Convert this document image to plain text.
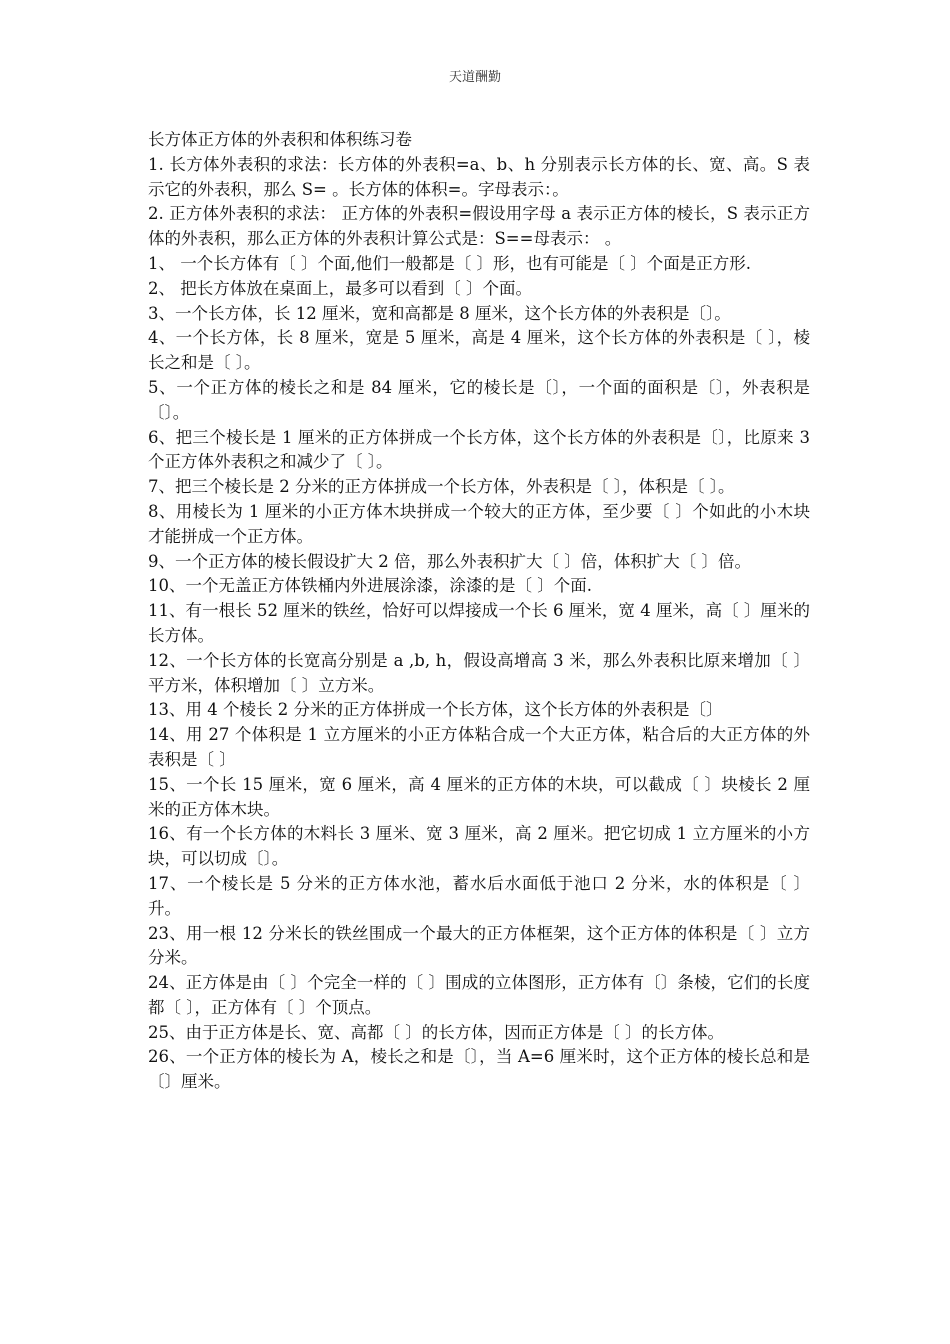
天道酬勤

长方体正方体的外表积和体积练习卷

1. 长方体外表积的求法：长方体的外表积=a、b、h 分别表示长方体的长、宽、高。S 表示它的外表积，那么 S= 。长方体的体积=。字母表示：。

2. 正方体外表积的求法： 正方体的外表积=假设用字母 a 表示正方体的棱长，S 表示正方体的外表积，那么正方体的外表积计算公式是：S==母表示： 。

1、 一个长方体有〔 〕个面,他们一般都是〔 〕形，也有可能是〔 〕个面是正方形.

2、 把长方体放在桌面上，最多可以看到〔 〕个面。

3、一个长方体，长 12 厘米，宽和高都是 8 厘米，这个长方体的外表积是〔〕。

4、一个长方体，长 8 厘米，宽是 5 厘米，高是 4 厘米，这个长方体的外表积是〔 〕，棱长之和是〔 〕。

5、一个正方体的棱长之和是 84 厘米，它的棱长是〔〕，一个面的面积是〔〕，外表积是〔〕。

6、把三个棱长是 1 厘米的正方体拼成一个长方体，这个长方体的外表积是〔〕，比原来 3 个正方体外表积之和减少了〔 〕。

7、把三个棱长是 2 分米的正方体拼成一个长方体，外表积是〔 〕，体积是〔 〕。

8、用棱长为 1 厘米的小正方体木块拼成一个较大的正方体，至少要〔 〕个如此的小木块才能拼成一个正方体。

9、一个正方体的棱长假设扩大 2 倍，那么外表积扩大〔 〕倍，体积扩大〔 〕倍。

10、一个无盖正方体铁桶内外进展涂漆，涂漆的是〔 〕个面.

11、有一根长 52 厘米的铁丝，恰好可以焊接成一个长 6 厘米，宽 4 厘米，高〔 〕厘米的长方体。

12、一个长方体的长宽高分别是 a ,b, h，假设高增高 3 米，那么外表积比原来增加〔 〕平方米，体积增加〔 〕立方米。

13、用 4 个棱长 2 分米的正方体拼成一个长方体，这个长方体的外表积是〔〕

14、用 27 个体积是 1 立方厘米的小正方体粘合成一个大正方体，粘合后的大正方体的外表积是〔 〕

15、一个长 15 厘米，宽 6 厘米，高 4 厘米的正方体的木块，可以截成〔 〕块棱长 2 厘米的正方体木块。

16、有一个长方体的木料长 3 厘米、宽 3 厘米，高 2 厘米。把它切成 1 立方厘米的小方块，可以切成〔〕。

17、一个棱长是 5 分米的正方体水池，蓄水后水面低于池口 2 分米，水的体积是〔 〕升。

23、用一根 12 分米长的铁丝围成一个最大的正方体框架，这个正方体的体积是〔 〕立方分米。

24、正方体是由〔 〕个完全一样的〔 〕围成的立体图形，正方体有〔〕条棱，它们的长度都〔 〕，正方体有〔 〕个顶点。

25、由于正方体是长、宽、高都〔 〕的长方体，因而正方体是〔 〕的长方体。

26、一个正方体的棱长为 A，棱长之和是〔〕，当 A=6 厘米时，这个正方体的棱长总和是〔〕厘米。
